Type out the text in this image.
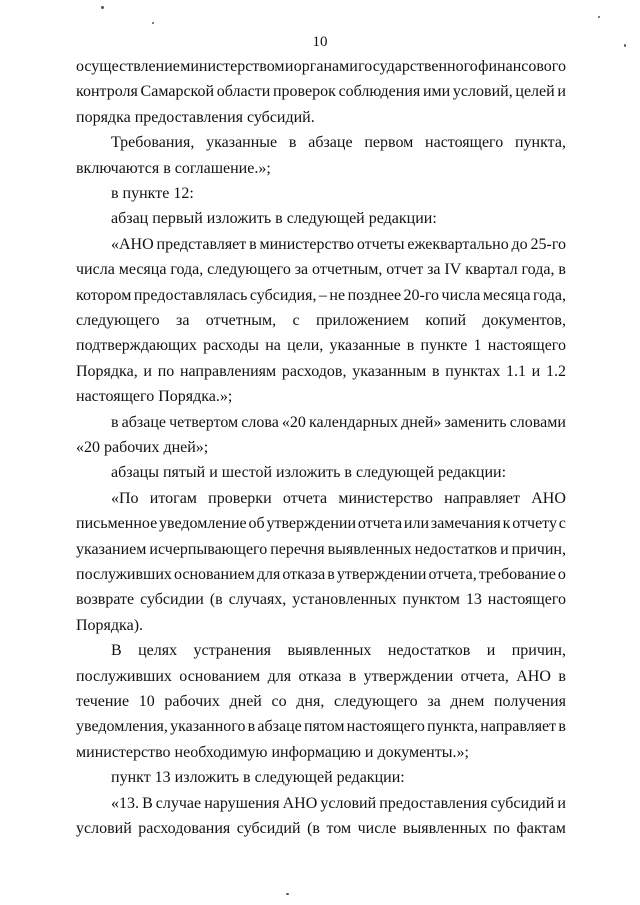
10
осуществление министерством и органами государственного финансового
контроля Самарской области проверок соблюдения ими условий, целей и
порядка предоставления субсидий.
Требования, указанные в абзаце первом настоящего пункта,
включаются в соглашение.»;
в пункте 12:
абзац первый изложить в следующей редакции:
«АНО представляет в министерство отчеты ежеквартально до 25-го
числа месяца года, следующего за отчетным, отчет за IV квартал года, в
котором предоставлялась субсидия, – не позднее 20-го числа месяца года,
следующего за отчетным, с приложением копий документов,
подтверждающих расходы на цели, указанные в пункте 1 настоящего
Порядка, и по направлениям расходов, указанным в пунктах 1.1 и 1.2
настоящего Порядка.»;
в абзаце четвертом слова «20 календарных дней» заменить словами
«20 рабочих дней»;
абзацы пятый и шестой изложить в следующей редакции:
«По итогам проверки отчета министерство направляет АНО
письменное уведомление об утверждении отчета или замечания к отчету с
указанием исчерпывающего перечня выявленных недостатков и причин,
послуживших основанием для отказа в утверждении отчета, требование о
возврате субсидии (в случаях, установленных пунктом 13 настоящего
Порядка).
В целях устранения выявленных недостатков и причин,
послуживших основанием для отказа в утверждении отчета, АНО в
течение 10 рабочих дней со дня, следующего за днем получения
уведомления, указанного в абзаце пятом настоящего пункта, направляет в
министерство необходимую информацию и документы.»;
пункт 13 изложить в следующей редакции:
«13. В случае нарушения АНО условий предоставления субсидий и
условий расходования субсидий (в том числе выявленных по фактам
